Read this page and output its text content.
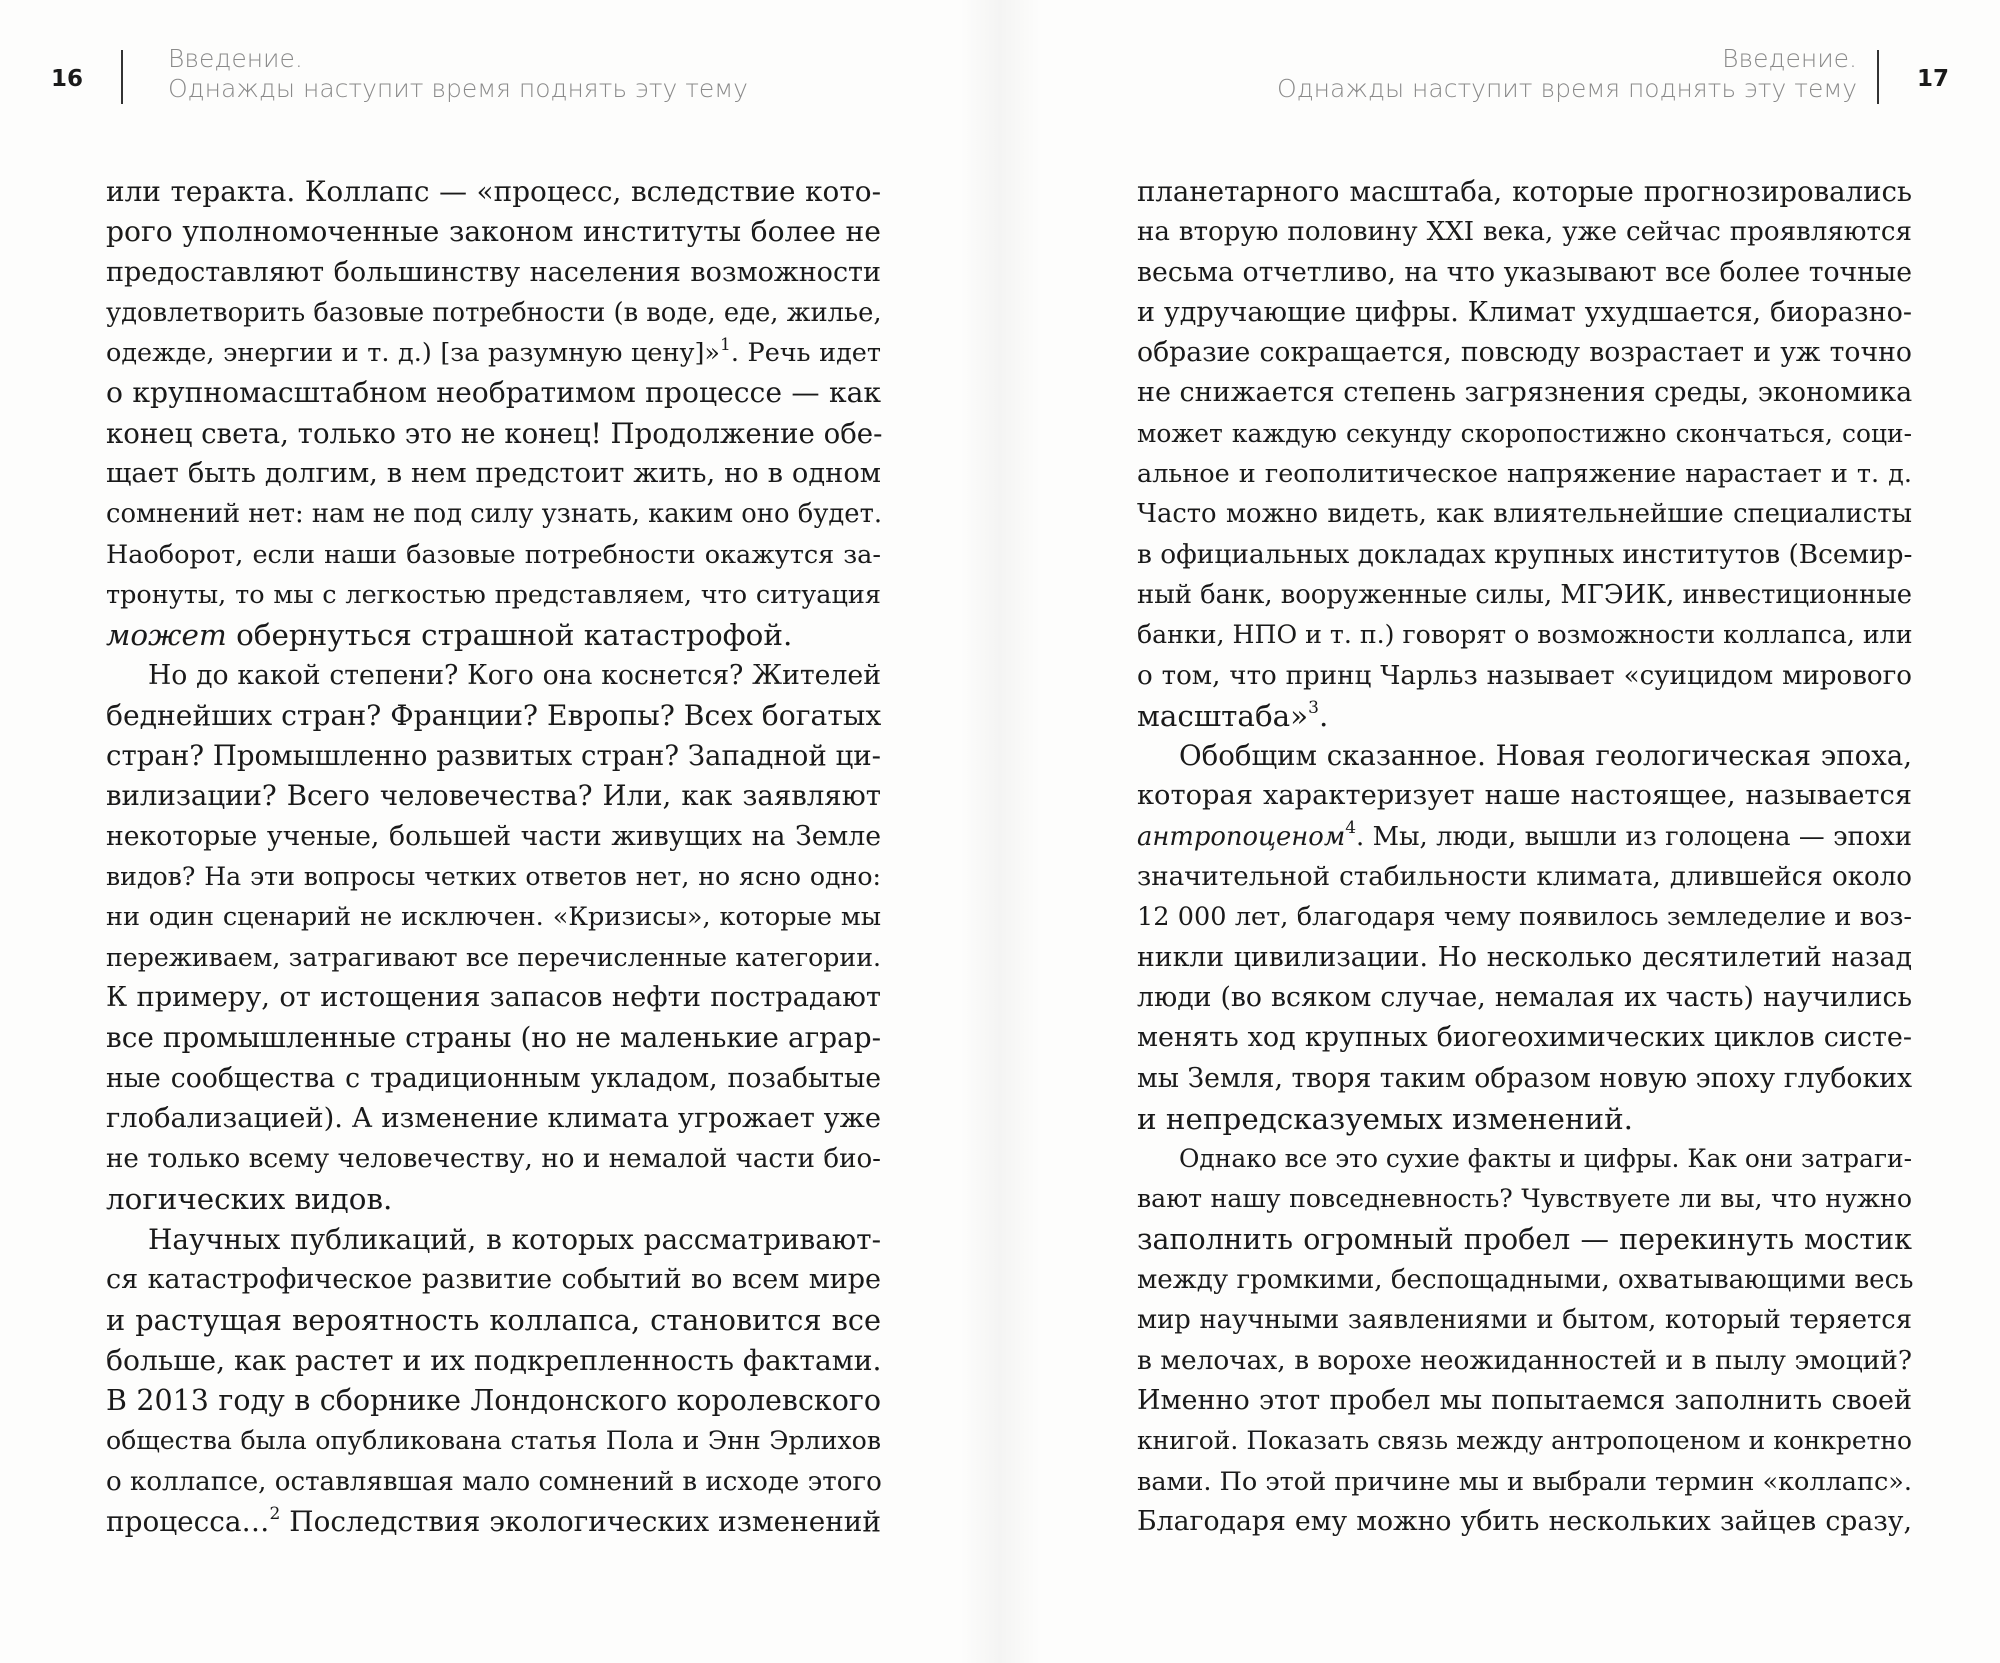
16
Введение.
Однажды наступит время поднять эту тему

или теракта. Коллапс — «процесс, вследствие кото-

рого уполномоченные законом институты более не

предоставляют большинству населения возможности

удовлетворить базовые потребности (в воде, еде, жилье,

одежде, энергии и т. д.) [за разумную цену]»$^1$. Речь идет

о крупномасштабном необратимом процессе — как

конец света, только это не конец! Продолжение обе-

щает быть долгим, в нем предстоит жить, но в одном

сомнений нет: нам не под силу узнать, каким оно будет.

Наоборот, если наши базовые потребности окажутся за-

тронуты, то мы с легкостью представляем, что ситуация

может обернуться страшной катастрофой.

Но до какой степени? Кого она коснется? Жителей

беднейших стран? Франции? Европы? Всех богатых

стран? Промышленно развитых стран? Западной ци-

вилизации? Всего человечества? Или, как заявляют

некоторые ученые, большей части живущих на Земле

видов? На эти вопросы четких ответов нет, но ясно одно:

ни один сценарий не исключен. «Кризисы», которые мы

переживаем, затрагивают все перечисленные категории.

К примеру, от истощения запасов нефти пострадают

все промышленные страны (но не маленькие аграр-

ные сообщества с традиционным укладом, позабытые

глобализацией). А изменение климата угрожает уже

не только всему человечеству, но и немалой части био-

логических видов.

Научных публикаций, в которых рассматривают-

ся катастрофическое развитие событий во всем мире

и растущая вероятность коллапса, становится все

больше, как растет и их подкрепленность фактами.

В 2013 году в сборнике Лондонского королевского

общества была опубликована статья Пола и Энн Эрлихов

о коллапсе, оставлявшая мало сомнений в исходе этого

процесса…$^2$ Последствия экологических изменений

Введение.
Однажды наступит время поднять эту тему	17

планетарного масштаба, которые прогнозировались

на вторую половину XXI века, уже сейчас проявляются

весьма отчетливо, на что указывают все более точные

и удручающие цифры. Климат ухудшается, биоразно-

образие сокращается, повсюду возрастает и уж точно

не снижается степень загрязнения среды, экономика

может каждую секунду скоропостижно скончаться, соци-

альное и геополитическое напряжение нарастает и т. д.

Часто можно видеть, как влиятельнейшие специалисты

в официальных докладах крупных институтов (Всемир-

ный банк, вооруженные силы, МГЭИК, инвестиционные

банки, НПО и т. п.) говорят о возможности коллапса, или

о том, что принц Чарльз называет «суицидом мирового

масштаба»$^3$.

Обобщим сказанное. Новая геологическая эпоха,

которая характеризует наше настоящее, называется

антропоценом$^4$. Мы, люди, вышли из голоцена — эпохи

значительной стабильности климата, длившейся около

12 000 лет, благодаря чему появилось земледелие и воз-

никли цивилизации. Но несколько десятилетий назад

люди (во всяком случае, немалая их часть) научились

менять ход крупных биогеохимических циклов систе-

мы Земля, творя таким образом новую эпоху глубоких

и непредсказуемых изменений.

Однако все это сухие факты и цифры. Как они затраги-

вают нашу повседневность? Чувствуете ли вы, что нужно

заполнить огромный пробел — перекинуть мостик

между громкими, беспощадными, охватывающими весь

мир научными заявлениями и бытом, который теряется

в мелочах, в ворохе неожиданностей и в пылу эмоций?

Именно этот пробел мы попытаемся заполнить своей

книгой. Показать связь между антропоценом и конкретно

вами. По этой причине мы и выбрали термин «коллапс».

Благодаря ему можно убить нескольких зайцев сразу,
